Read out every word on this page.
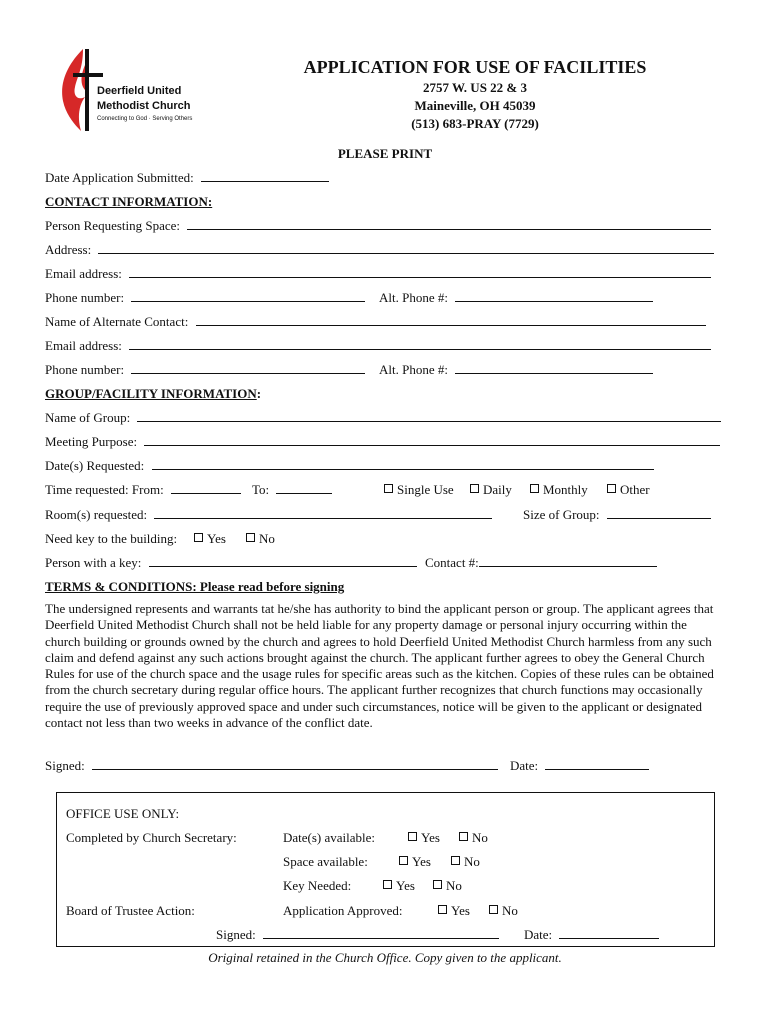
Deerfield United
Methodist Church
Connecting to God · Serving Others
APPLICATION FOR USE OF FACILITIES
2757 W. US 22 & 3
Maineville, OH 45039
(513) 683-PRAY (7729)
PLEASE PRINT
Date Application Submitted:
CONTACT INFORMATION:
Person Requesting Space:
Address:
Email address:
Phone number:	Alt. Phone #:
Name of Alternate Contact:
Email address:
Phone number:	Alt. Phone #:
GROUP/FACILITY INFORMATION:
Name of Group:
Meeting Purpose:
Date(s) Requested:
Time requested: From:	To:	Single Use	Daily	Monthly	Other
Room(s) requested:	Size of Group:
Need key to the building:	Yes	No
Person with a key:	Contact #:
TERMS & CONDITIONS: Please read before signing
The undersigned represents and warrants tat he/she has authority to bind the applicant person or group. The applicant agrees that Deerfield United Methodist Church shall not be held liable for any property damage or personal injury occurring within the church building or grounds owned by the church and agrees to hold Deerfield United Methodist Church harmless from any such claim and defend against any such actions brought against the church. The applicant further agrees to obey the General Church Rules for use of the church space and the usage rules for specific areas such as the kitchen. Copies of these rules can be obtained from the church secretary during regular office hours. The applicant further recognizes that church functions may occasionally require the use of previously approved space and under such circumstances, notice will be given to the applicant or designated contact not less than two weeks in advance of the conflict date.
Signed:	Date:
OFFICE USE ONLY:
Completed by Church Secretary:	Date(s) available:	Yes	No
Space available:	Yes	No
Key Needed:	Yes	No
Board of Trustee Action:	Application Approved:	Yes	No
Signed:	Date:
Original retained in the Church Office. Copy given to the applicant.
